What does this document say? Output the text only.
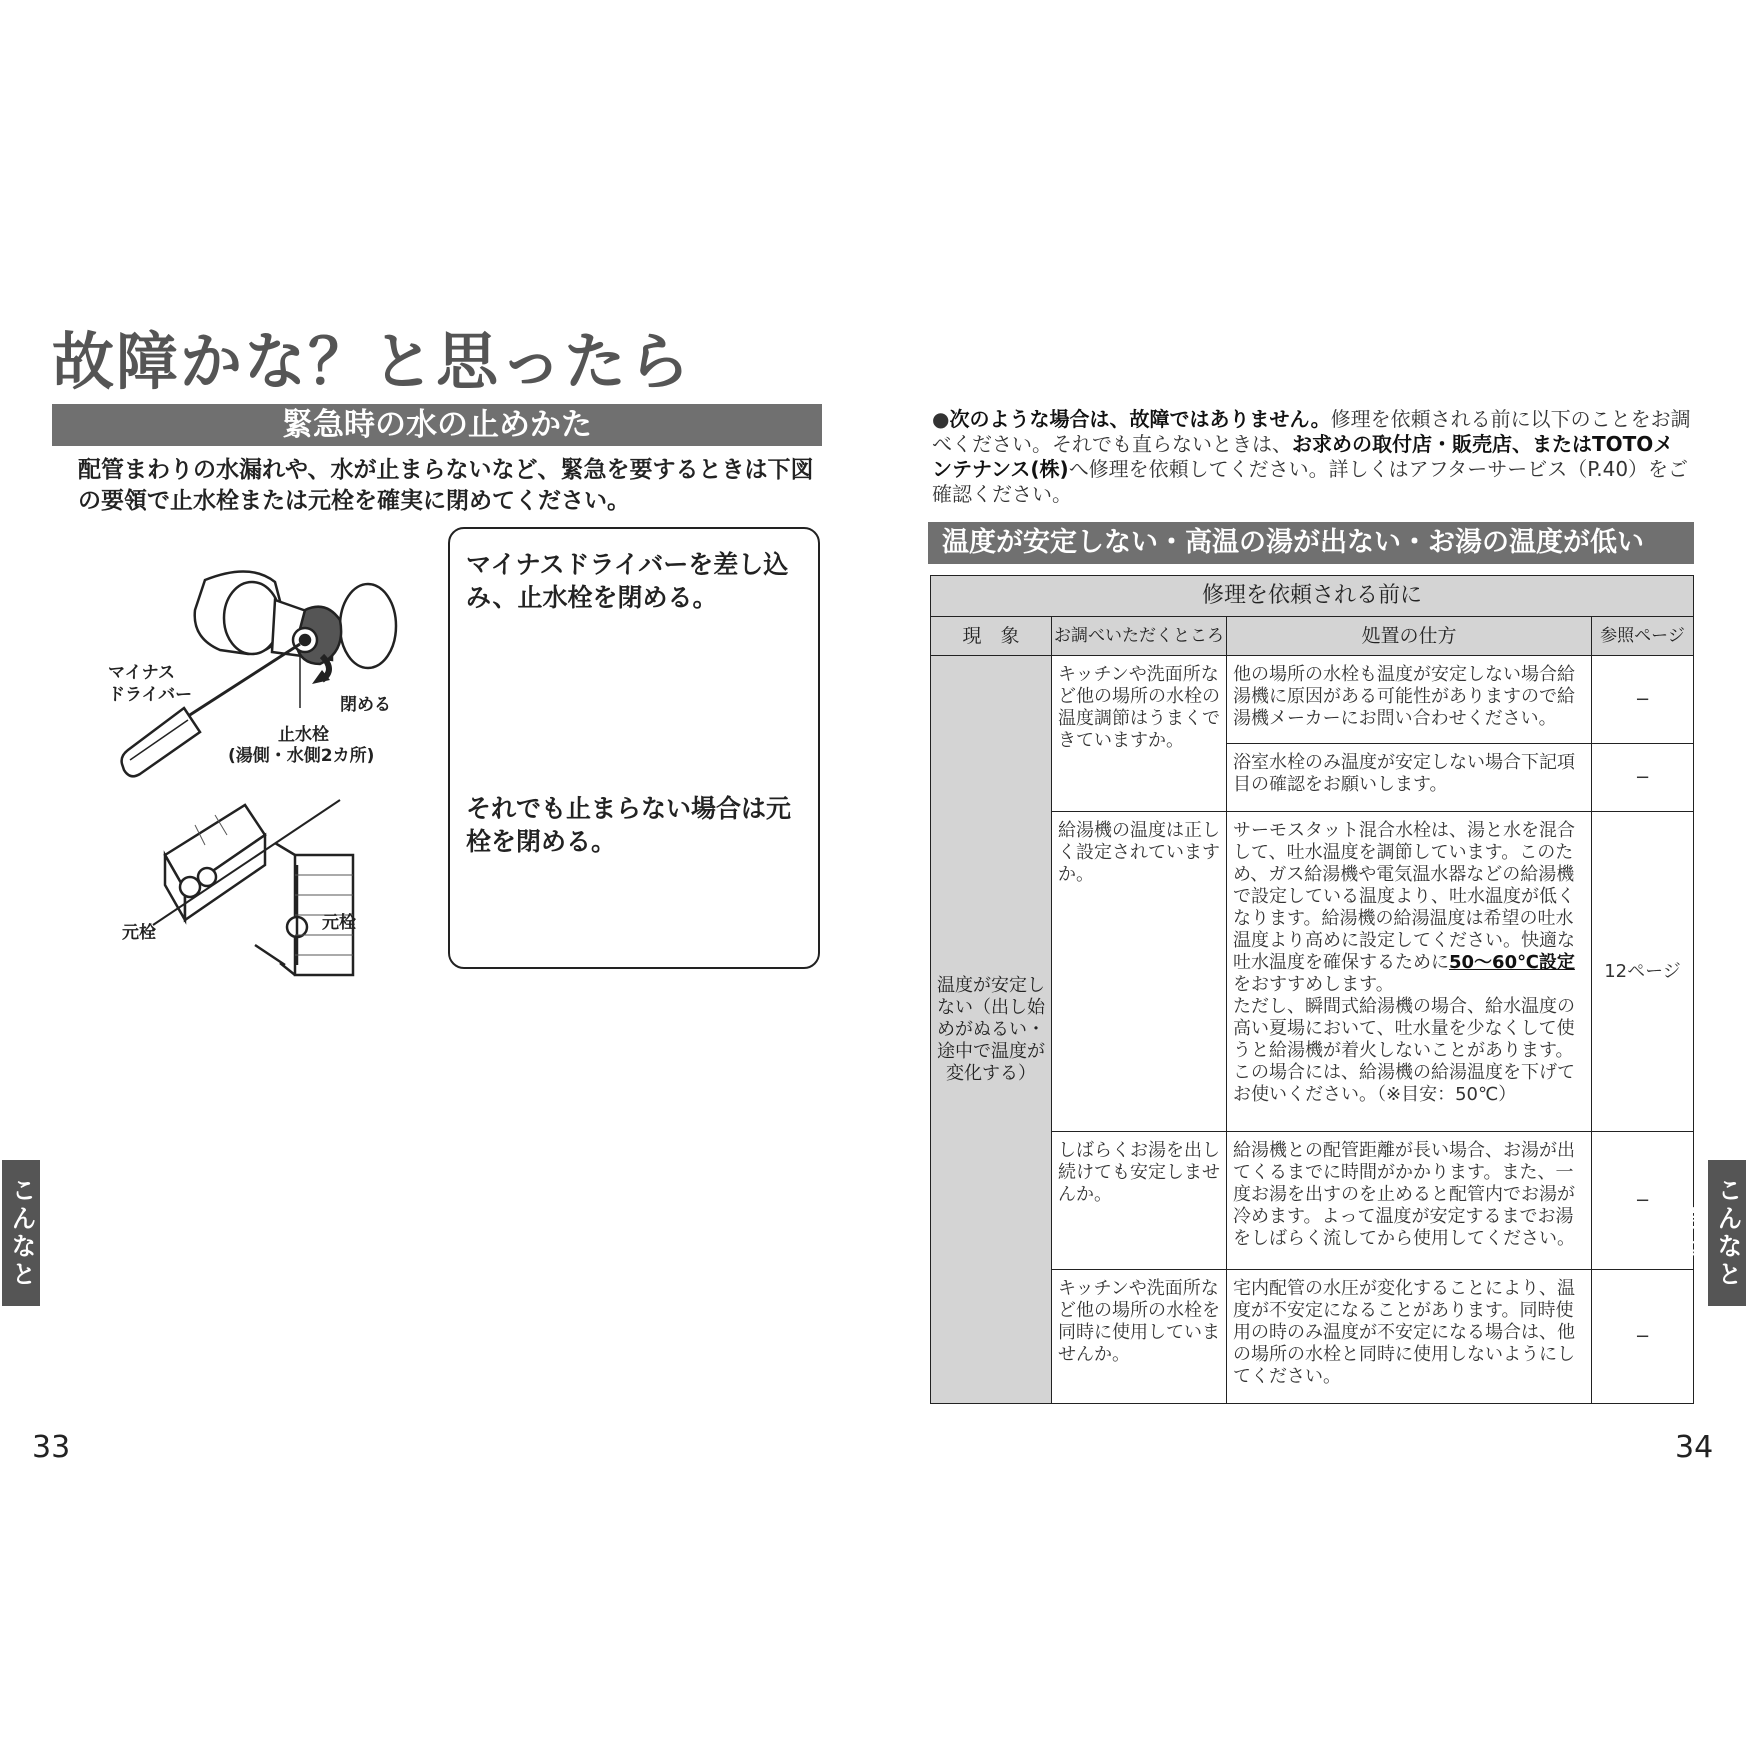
故障かな？と思ったら
緊急時の水の止めかた
配管まわりの水漏れや、水が止まらないなど、緊急を要するときは下図の要領で止水栓または元栓を確実に閉めてください。
マイナス
ドライバー	閉める
止水栓
(湯側・水側2カ所)
元栓	元栓
マイナスドライバーを差し込み、止水栓を閉める。
それでも止まらない場合は元栓を閉める。
こんなと
33
●次のような場合は、故障ではありません。修理を依頼される前に以下のことをお調べください。それでも直らないときは、お求めの取付店・販売店、またはTOTOメンテナンス(株)へ修理を依頼してください。詳しくはアフターサービス（P.40）をご確認ください。
温度が安定しない・高温の湯が出ない・お湯の温度が低い
修理を依頼される前に			
現　象	お調べいただくところ	処置の仕方	参照ページ
温度が安定しない（出し始めがぬるい・途中で温度が変化する）	キッチンや洗面所など他の場所の水栓の温度調節はうまくできていますか。	他の場所の水栓も温度が安定しない場合給湯機に原因がある可能性がありますので給湯機メーカーにお問い合わせください。	−
		浴室水栓のみ温度が安定しない場合下記項目の確認をお願いします。	−
	給湯機の温度は正しく設定されていますか。	サーモスタット混合水栓は、湯と水を混合して、吐水温度を調節しています。このため、ガス給湯機や電気温水器などの給湯機で設定している温度より、吐水温度が低くなります。給湯機の給湯温度は希望の吐水温度より高めに設定してください。快適な吐水温度を確保するために50〜60℃設定をおすすめします。
ただし、瞬間式給湯機の場合、給水温度の高い夏場において、吐水量を少なくして使うと給湯機が着火しないことがあります。この場合には、給湯機の給湯温度を下げてお使いください。（※目安：50℃）	12ページ
	しばらくお湯を出し続けても安定しませんか。	給湯機との配管距離が長い場合、お湯が出てくるまでに時間がかかります。また、一度お湯を出すのを止めると配管内でお湯が冷めます。よって温度が安定するまでお湯をしばらく流してから使用してください。	−
	キッチンや洗面所など他の場所の水栓を同時に使用していませんか。	宅内配管の水圧が変化することにより、温度が不安定になることがあります。同時使用の時のみ温度が不安定になる場合は、他の場所の水栓と同時に使用しないようにしてください。	−
こんなときは
34
